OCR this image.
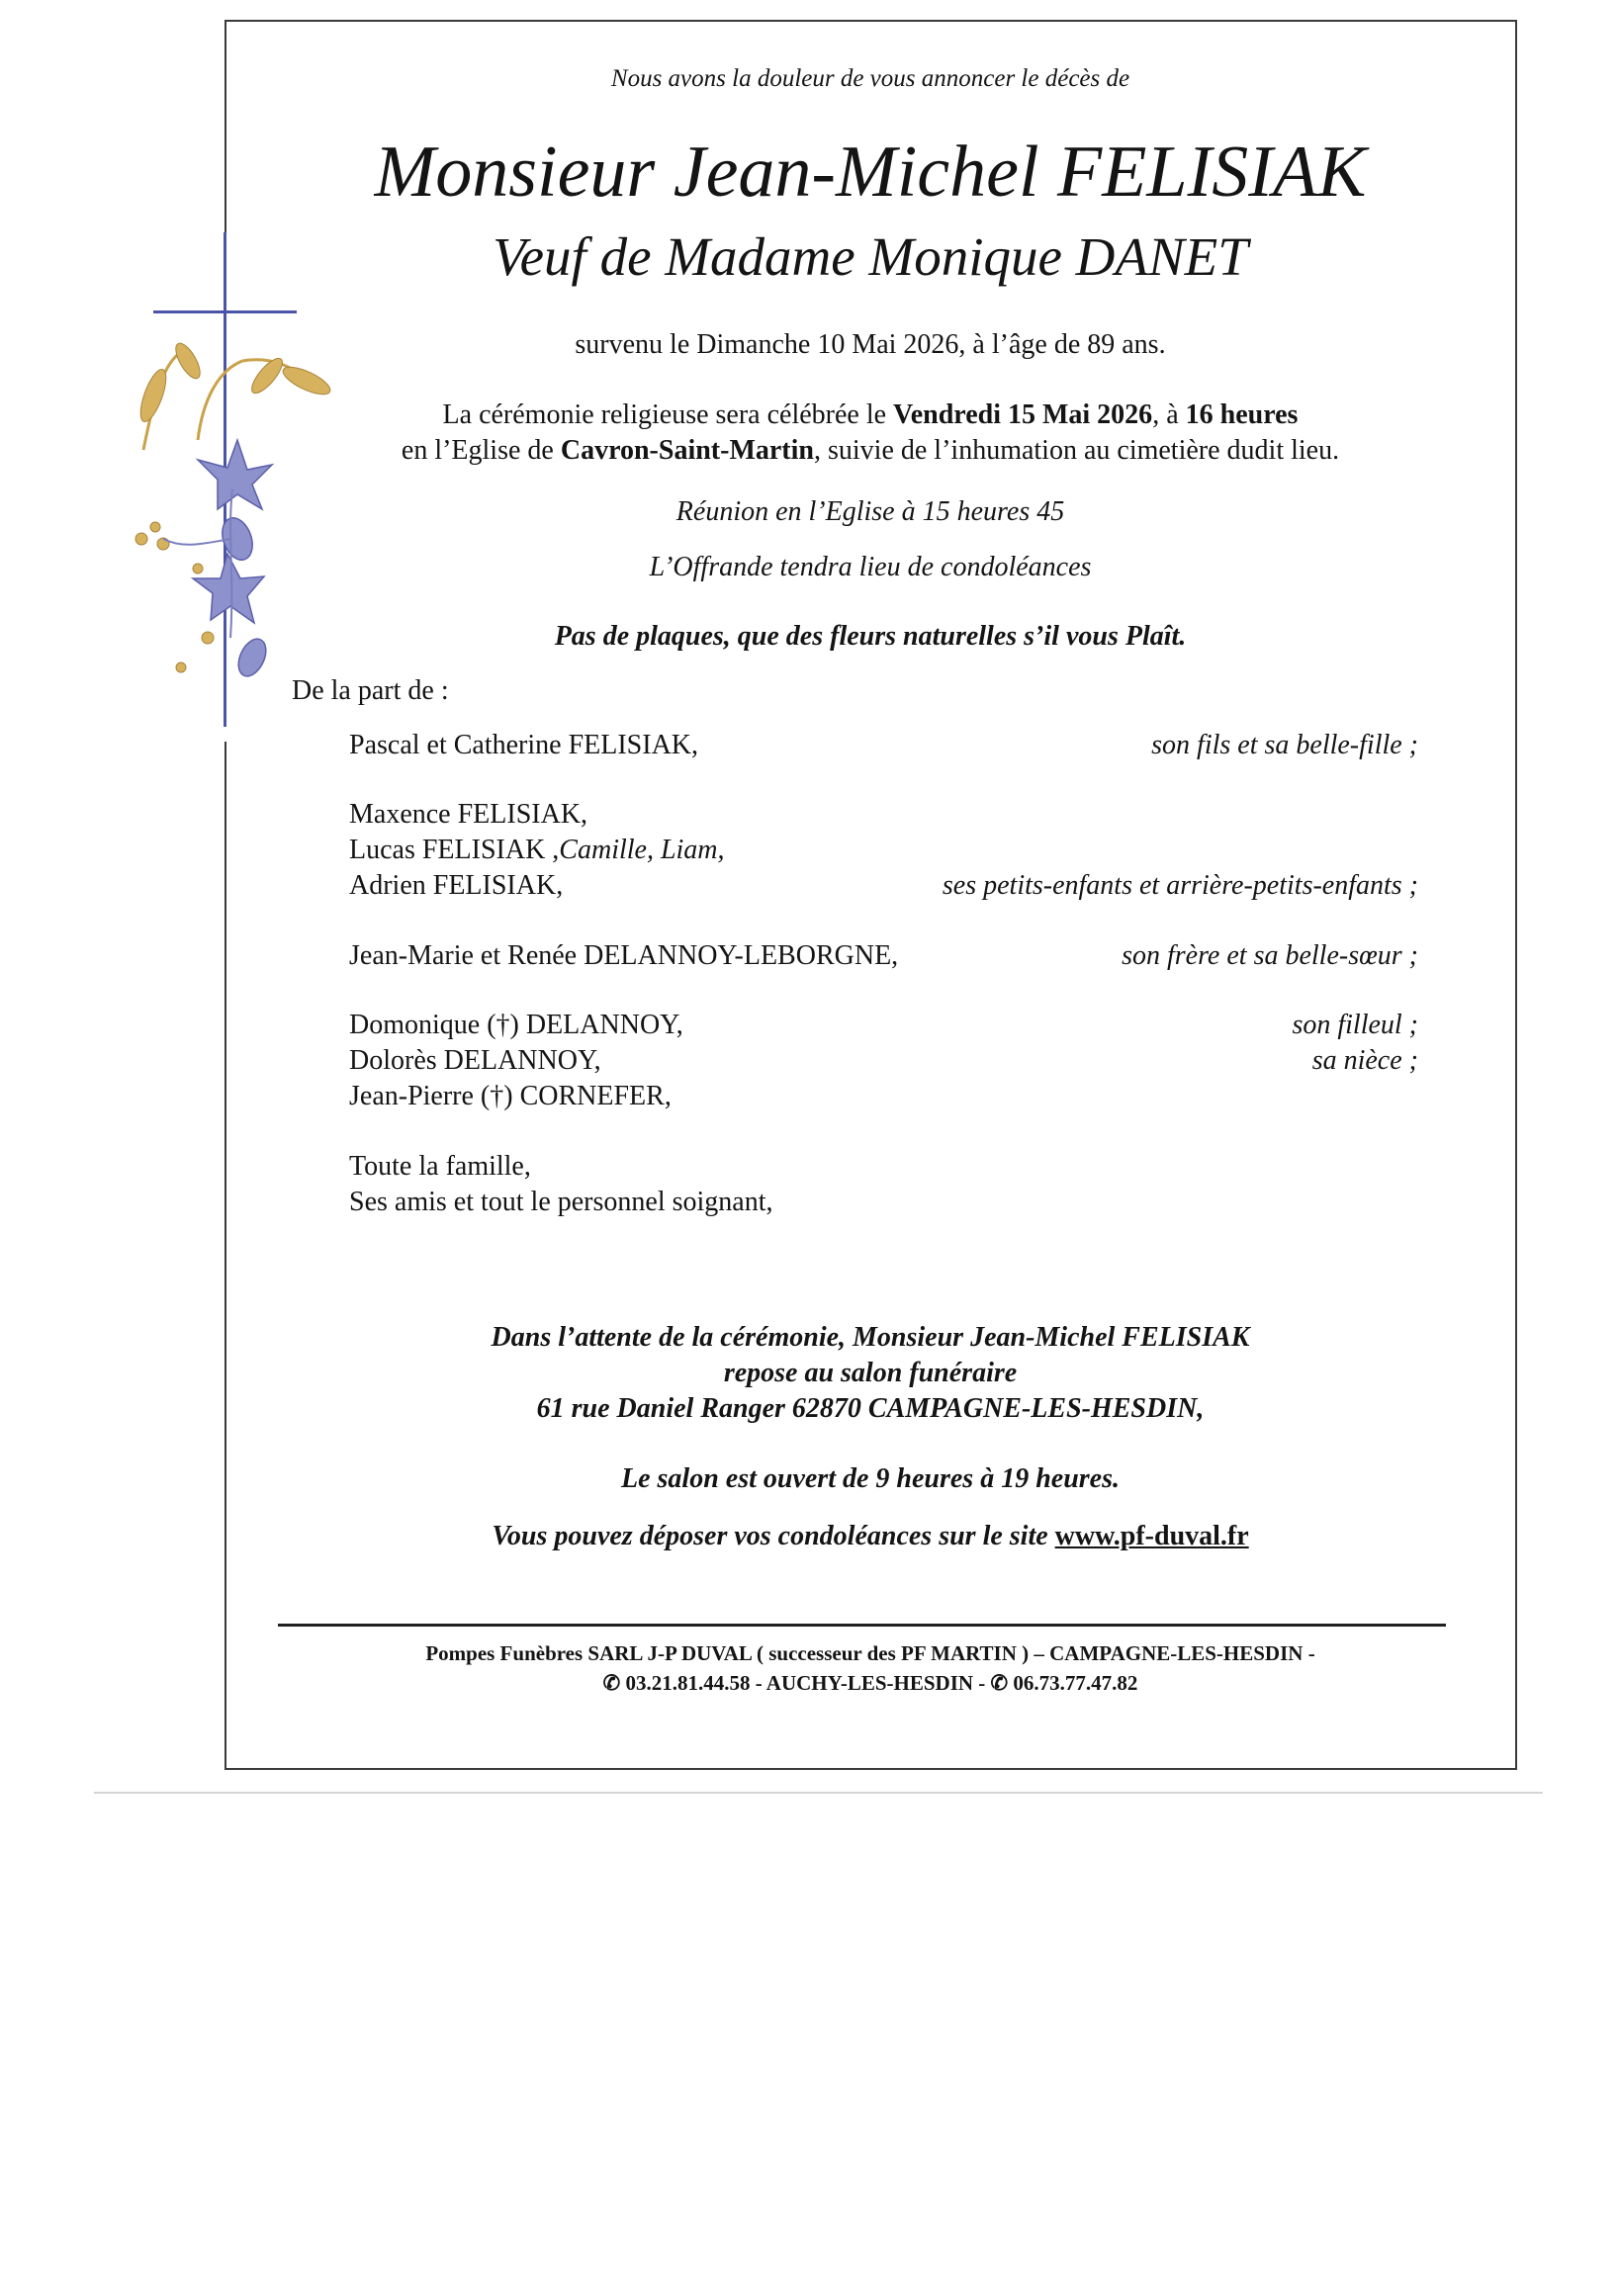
Nous avons la douleur de vous annoncer le décès de
Monsieur Jean-Michel FELISIAK
Veuf de Madame Monique DANET
survenu le Dimanche 10 Mai 2026, à l’âge de 89 ans.
La cérémonie religieuse sera célébrée le Vendredi 15 Mai 2026, à 16 heures
en l’Eglise de Cavron-Saint-Martin, suivie de l’inhumation au cimetière dudit lieu.
Réunion en l’Eglise à 15 heures 45
L’Offrande tendra lieu de condoléances
Pas de plaques, que des fleurs naturelles s’il vous Plaît.
De la part de :
Pascal et Catherine FELISIAK,	son fils et sa belle-fille ;
Maxence FELISIAK,
Lucas FELISIAK ,Camille, Liam,
Adrien FELISIAK,	ses petits-enfants et arrière-petits-enfants ;
Jean-Marie et Renée DELANNOY-LEBORGNE,	son frère et sa belle-sœur ;
Domonique (†) DELANNOY,	son filleul ;
Dolorès DELANNOY,	sa nièce ;
Jean-Pierre (†) CORNEFER,
Toute la famille,
Ses amis et tout le personnel soignant,
Dans l’attente de la cérémonie, Monsieur Jean-Michel FELISIAK
repose au salon funéraire
61 rue Daniel Ranger 62870 CAMPAGNE-LES-HESDIN,
Le salon est ouvert de 9 heures à 19 heures.
Vous pouvez déposer vos condoléances sur le site www.pf-duval.fr
Pompes Funèbres SARL J-P DUVAL ( successeur des PF MARTIN ) – CAMPAGNE-LES-HESDIN -
✆ 03.21.81.44.58 - AUCHY-LES-HESDIN - ✆ 06.73.77.47.82
